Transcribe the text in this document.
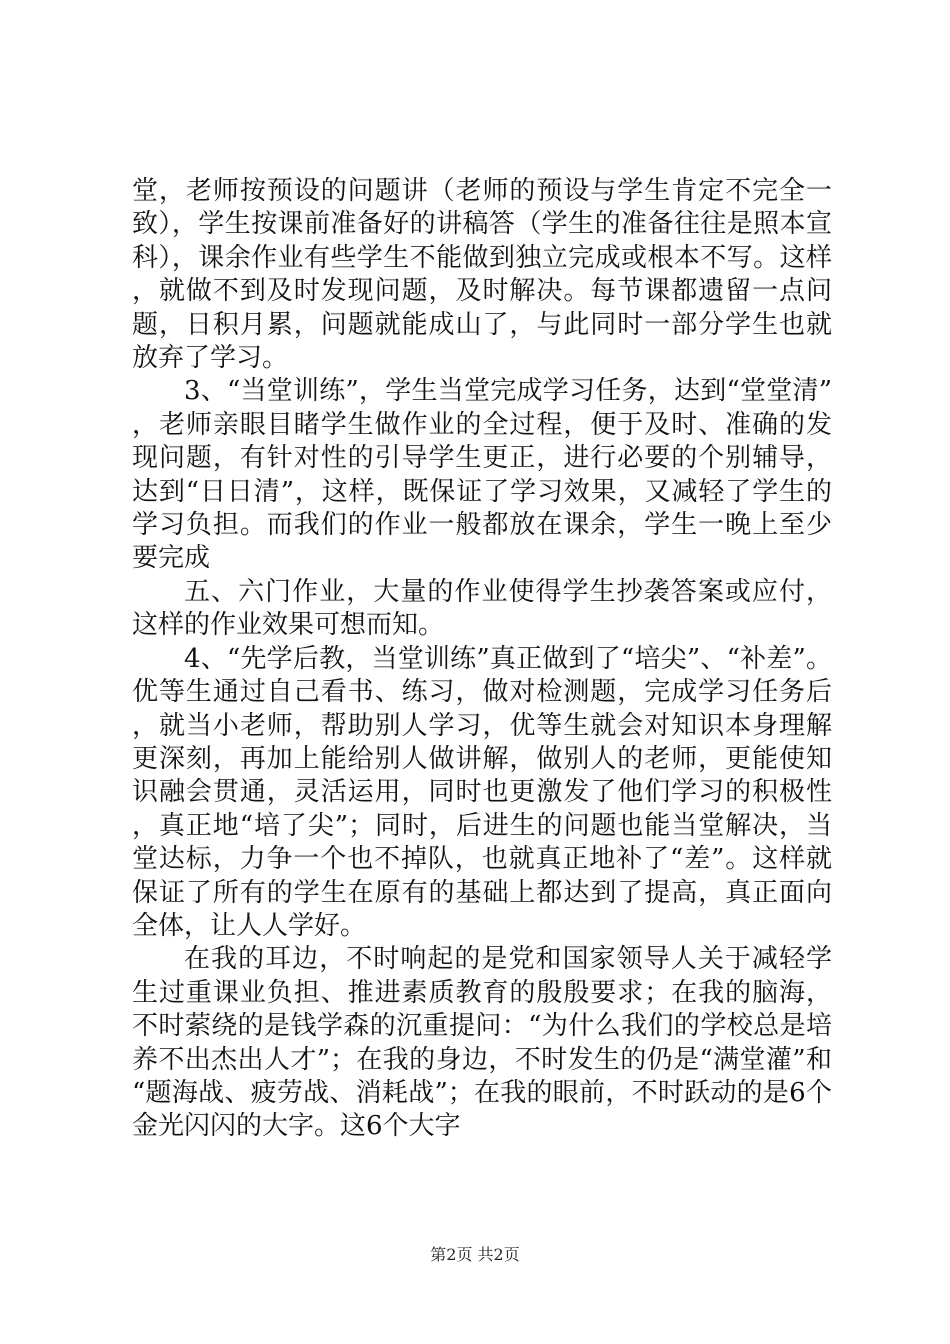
堂，老师按预设的问题讲（老师的预设与学生肯定不完全一致），学生按课前准备好的讲稿答（学生的准备往往是照本宣科），课余作业有些学生不能做到独立完成或根本不写。这样，就做不到及时发现问题，及时解决。每节课都遗留一点问题，日积月累，问题就能成山了，与此同时一部分学生也就放弃了学习。

3、“当堂训练”，学生当堂完成学习任务，达到“堂堂清”，老师亲眼目睹学生做作业的全过程，便于及时、准确的发现问题，有针对性的引导学生更正，进行必要的个别辅导，达到“日日清”，这样，既保证了学习效果，又减轻了学生的学习负担。而我们的作业一般都放在课余，学生一晚上至少要完成

五、六门作业，大量的作业使得学生抄袭答案或应付，这样的作业效果可想而知。

4、“先学后教，当堂训练”真正做到了“培尖”、“补差”。优等生通过自己看书、练习，做对检测题，完成学习任务后，就当小老师，帮助别人学习，优等生就会对知识本身理解更深刻，再加上能给别人做讲解，做别人的老师，更能使知识融会贯通，灵活运用，同时也更激发了他们学习的积极性，真正地“培了尖”；同时，后进生的问题也能当堂解决，当堂达标，力争一个也不掉队，也就真正地补了“差”。这样就保证了所有的学生在原有的基础上都达到了提高，真正面向全体，让人人学好。

在我的耳边，不时响起的是党和国家领导人关于减轻学生过重课业负担、推进素质教育的殷殷要求；在我的脑海，不时萦绕的是钱学森的沉重提问：“为什么我们的学校总是培养不出杰出人才”；在我的身边，不时发生的仍是“满堂灌”和“题海战、疲劳战、消耗战”；在我的眼前，不时跃动的是6个金光闪闪的大字。这6个大字

第2页 共2页
